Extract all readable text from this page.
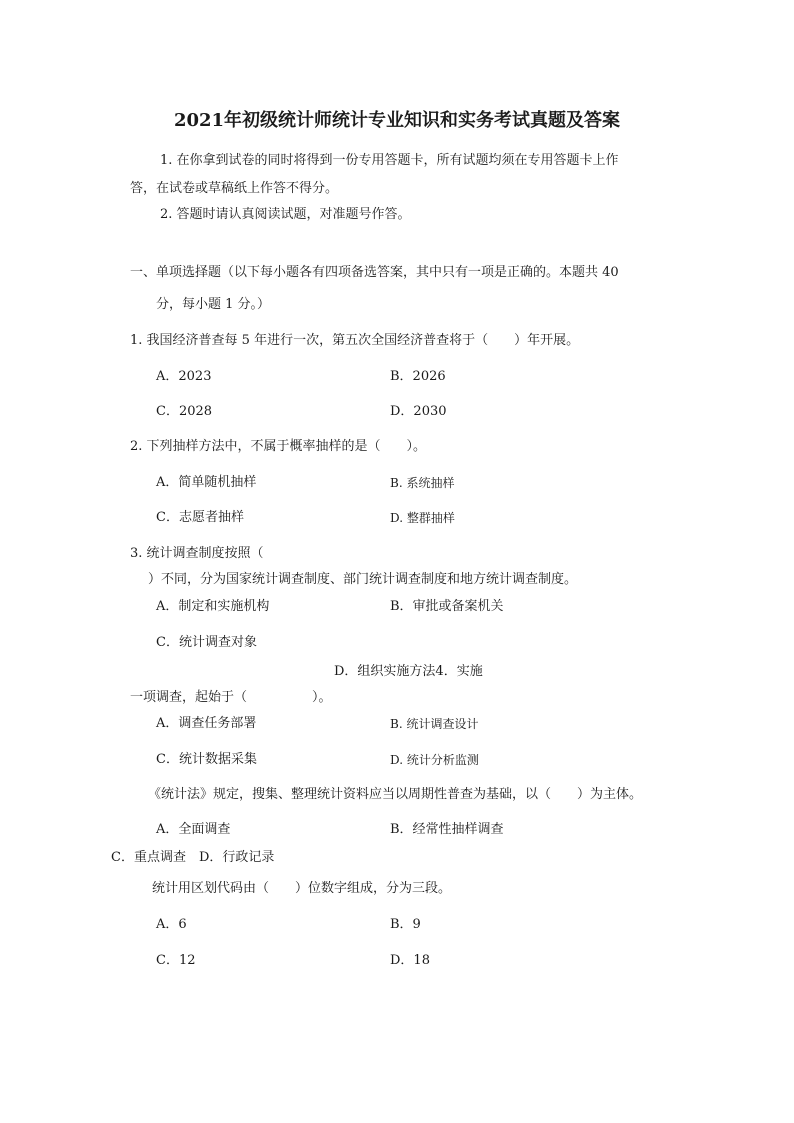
2021年初级统计师统计专业知识和实务考试真题及答案
1. 在你拿到试卷的同时将得到一份专用答题卡，所有试题均须在专用答题卡上作
答，在试卷或草稿纸上作答不得分。
2. 答题时请认真阅读试题，对准题号作答。
一、单项选择题（以下每小题各有四项备选答案，其中只有一项是正确的。本题共 40
分，每小题 1 分。）
1. 我国经济普查每 5 年进行一次，第五次全国经济普查将于（　　）年开展。
A．2023	B．2026
C．2028	D．2030
2. 下列抽样方法中，不属于概率抽样的是（　　）。
A．简单随机抽样	B. 系统抽样
C．志愿者抽样	D. 整群抽样
3. 统计调查制度按照（
）不同，分为国家统计调查制度、部门统计调查制度和地方统计调查制度。
A．制定和实施机构	B．审批或备案机关
C．统计调查对象
D．组织实施方法4．实施
一项调查，起始于（　　　　　）。
A．调查任务部署	B. 统计调查设计
C．统计数据采集	D. 统计分析监测
《统计法》规定，搜集、整理统计资料应当以周期性普查为基础，以（　　）为主体。
A．全面调查	B．经常性抽样调查
C．重点调查　D．行政记录
统计用区划代码由（　　）位数字组成，分为三段。
A．6	B．9
C．12	D．18
